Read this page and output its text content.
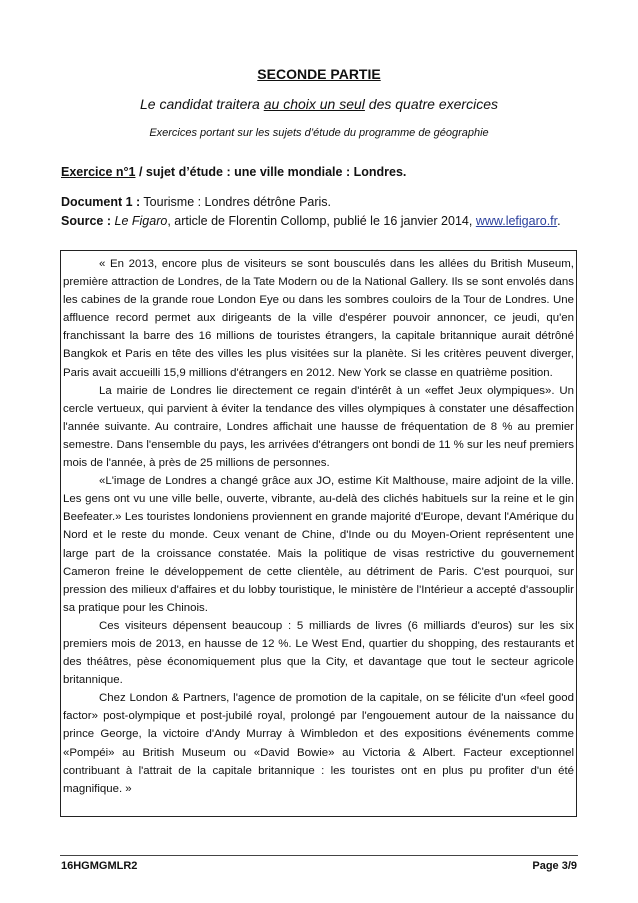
SECONDE PARTIE
Le candidat traitera au choix un seul des quatre exercices
Exercices portant sur les sujets d’étude du programme de géographie
Exercice n°1 / sujet d’étude : une ville mondiale : Londres.
Document 1 : Tourisme : Londres détrône Paris.
Source : Le Figaro, article de Florentin Collomp, publié le 16 janvier 2014, www.lefigaro.fr.

« En 2013, encore plus de visiteurs se sont bousculés dans les allées du British Museum, première attraction de Londres, de la Tate Modern ou de la National Gallery. Ils se sont envolés dans les cabines de la grande roue London Eye ou dans les sombres couloirs de la Tour de Londres. Une affluence record permet aux dirigeants de la ville d'espérer pouvoir annoncer, ce jeudi, qu'en franchissant la barre des 16 millions de touristes étrangers, la capitale britannique aurait détrôné Bangkok et Paris en tête des villes les plus visitées sur la planète. Si les critères peuvent diverger, Paris avait accueilli 15,9 millions d'étrangers en 2012. New York se classe en quatrième position.

La mairie de Londres lie directement ce regain d'intérêt à un «effet Jeux olympiques». Un cercle vertueux, qui parvient à éviter la tendance des villes olympiques à constater une désaffection l'année suivante. Au contraire, Londres affichait une hausse de fréquentation de 8 % au premier semestre. Dans l'ensemble du pays, les arrivées d'étrangers ont bondi de 11 % sur les neuf premiers mois de l'année, à près de 25 millions de personnes.

«L'image de Londres a changé grâce aux JO, estime Kit Malthouse, maire adjoint de la ville. Les gens ont vu une ville belle, ouverte, vibrante, au-delà des clichés habituels sur la reine et le gin Beefeater.» Les touristes londoniens proviennent en grande majorité d'Europe, devant l'Amérique du Nord et le reste du monde. Ceux venant de Chine, d'Inde ou du Moyen-Orient représentent une large part de la croissance constatée. Mais la politique de visas restrictive du gouvernement Cameron freine le développement de cette clientèle, au détriment de Paris. C'est pourquoi, sur pression des milieux d'affaires et du lobby touristique, le ministère de l'Intérieur a accepté d'assouplir sa pratique pour les Chinois.

Ces visiteurs dépensent beaucoup : 5 milliards de livres (6 milliards d'euros) sur les six premiers mois de 2013, en hausse de 12 %. Le West End, quartier du shopping, des restaurants et des théâtres, pèse économiquement plus que la City, et davantage que tout le secteur agricole britannique.

Chez London & Partners, l'agence de promotion de la capitale, on se félicite d'un «feel good factor» post-olympique et post-jubilé royal, prolongé par l'engouement autour de la naissance du prince George, la victoire d'Andy Murray à Wimbledon et des expositions événements comme «Pompéi» au British Museum ou «David Bowie» au Victoria & Albert. Facteur exceptionnel contribuant à l'attrait de la capitale britannique : les touristes ont en plus pu profiter d'un été magnifique. »

16HGMGMLR2	Page 3/9
